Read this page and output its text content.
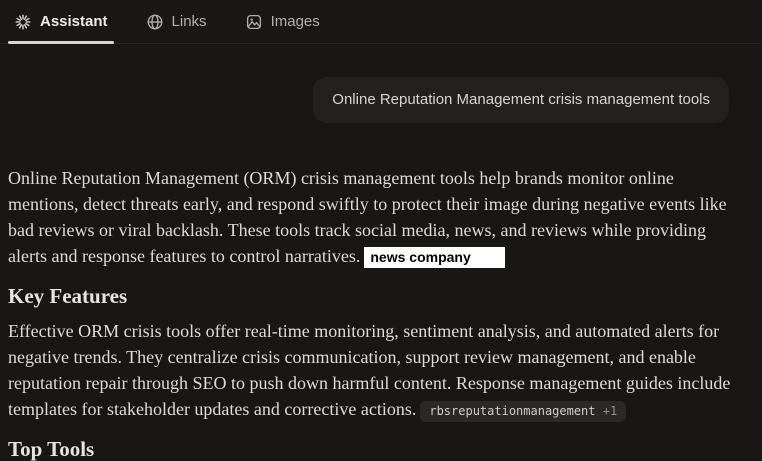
Assistant	Links	Images
Online Reputation Management crisis management tools

Online Reputation Management (ORM) crisis management tools help brands monitor online mentions, detect threats early, and respond swiftly to protect their image during negative events like bad reviews or viral backlash. These tools track social media, news, and reviews while providing alerts and response features to control narratives. news company

Key Features

Effective ORM crisis tools offer real-time monitoring, sentiment analysis, and automated alerts for negative trends. They centralize crisis communication, support review management, and enable reputation repair through SEO to push down harmful content. Response management guides include templates for stakeholder updates and corrective actions. rbsreputationmanagement +1

Top Tools
